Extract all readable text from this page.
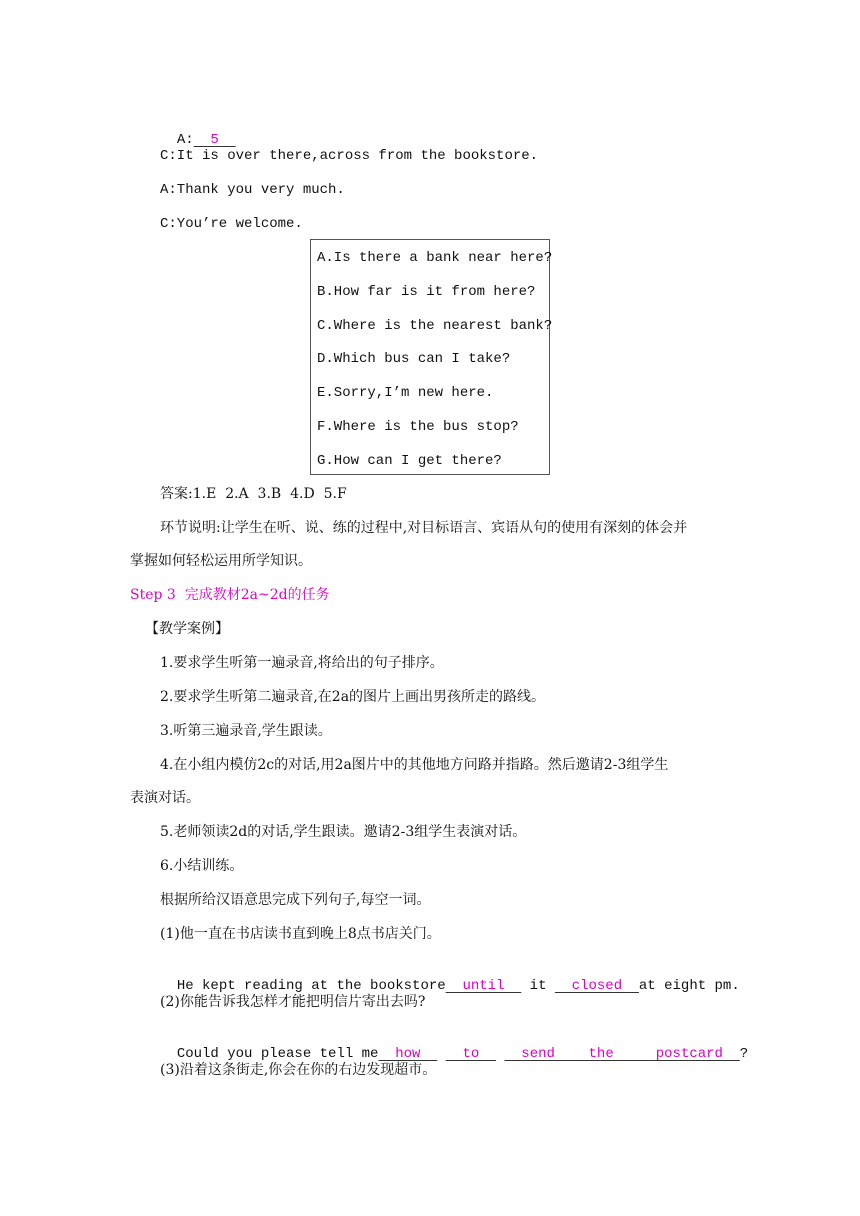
A:  5

C:It is over there,across from the bookstore.
A:Thank you very much.
C:You’re welcome.
A.Is there a bank near here?
B.How far is it from here?
C.Where is the nearest bank?
D.Which bus can I take?
E.Sorry,I’m new here.
F.Where is the bus stop?
G.How can I get there?
答案:1.E  2.A  3.B  4.D  5.F
环节说明:让学生在听、说、练的过程中,对目标语言、宾语从句的使用有深刻的体会并
掌握如何轻松运用所学知识。
Step 3  完成教材2a~2d的任务
【教学案例】
1.要求学生听第一遍录音,将给出的句子排序。
2.要求学生听第二遍录音,在2a的图片上画出男孩所走的路线。
3.听第三遍录音,学生跟读。
4.在小组内模仿2c的对话,用2a图片中的其他地方问路并指路。然后邀请2-3组学生
表演对话。
5.老师领读2d的对话,学生跟读。邀请2-3组学生表演对话。
6.小结训练。
根据所给汉语意思完成下列句子,每空一词。
(1)他一直在书店读书直到晚上8点书店关门。

He kept reading at the bookstore  until   it   closed  at eight pm.

(2)你能告诉我怎样才能把明信片寄出去吗?

Could you please tell me  how     to     send    the     postcard  ?

(3)沿着这条街走,你会在你的右边发现超市。
